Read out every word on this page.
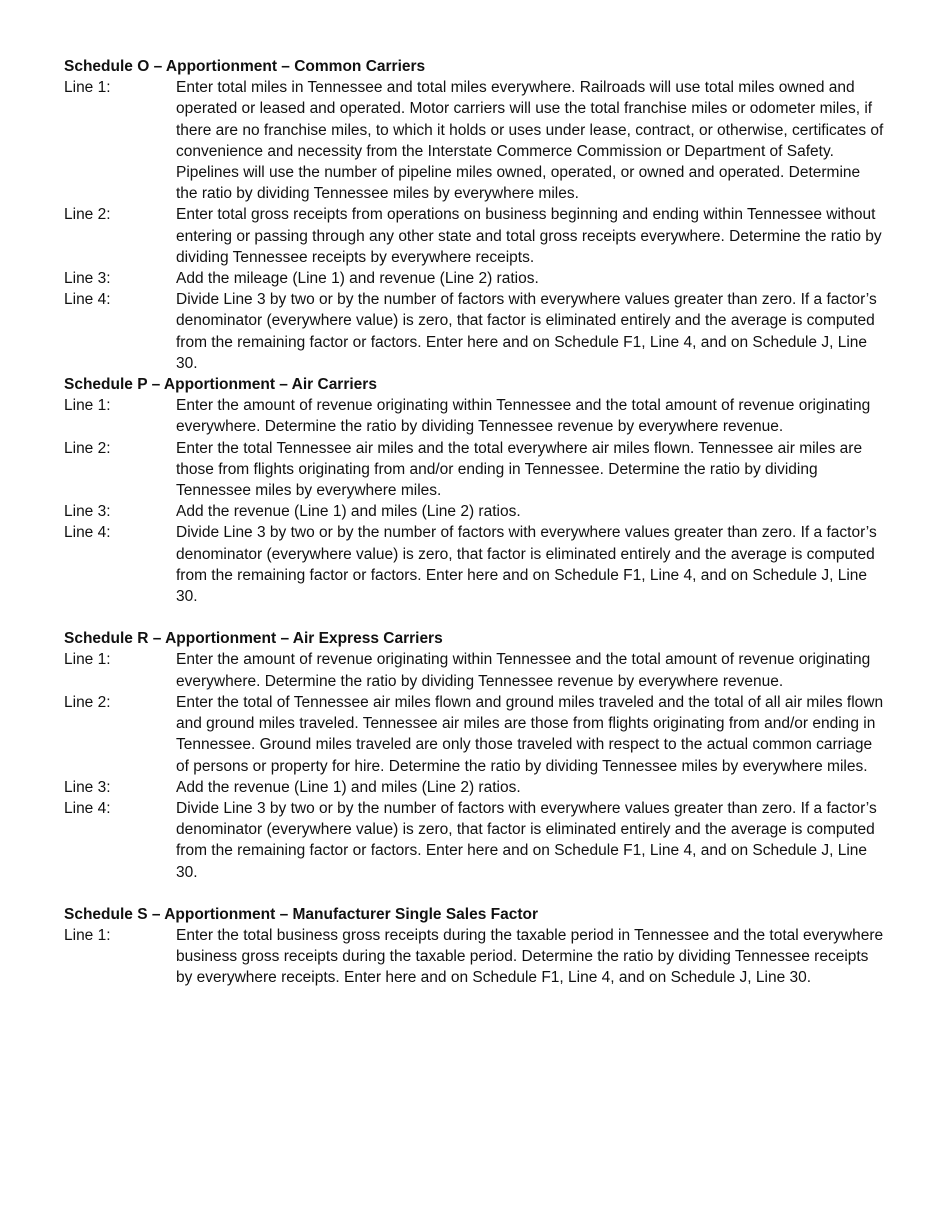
Schedule O – Apportionment – Common Carriers
Line 1:	Enter total miles in Tennessee and total miles everywhere. Railroads will use total miles owned and operated or leased and operated. Motor carriers will use the total franchise miles or odometer miles, if there are no franchise miles, to which it holds or uses under lease, contract, or otherwise, certificates of convenience and necessity from the Interstate Commerce Commission or Department of Safety. Pipelines will use the number of pipeline miles owned, operated, or owned and operated. Determine the ratio by dividing Tennessee miles by everywhere miles.
Line 2:	Enter total gross receipts from operations on business beginning and ending within Tennessee without entering or passing through any other state and total gross receipts everywhere. Determine the ratio by dividing Tennessee receipts by everywhere receipts.
Line 3:	Add the mileage (Line 1) and revenue (Line 2) ratios.
Line 4:	Divide Line 3 by two or by the number of factors with everywhere values greater than zero. If a factor’s denominator (everywhere value) is zero, that factor is eliminated entirely and the average is computed from the remaining factor or factors. Enter here and on Schedule F1, Line 4, and on Schedule J, Line 30.
Schedule P – Apportionment – Air Carriers
Line 1:	Enter the amount of revenue originating within Tennessee and the total amount of revenue originating everywhere. Determine the ratio by dividing Tennessee revenue by everywhere revenue.
Line 2:	Enter the total Tennessee air miles and the total everywhere air miles flown. Tennessee air miles are those from flights originating from and/or ending in Tennessee. Determine the ratio by dividing Tennessee miles by everywhere miles.
Line 3:	Add the revenue (Line 1) and miles (Line 2) ratios.
Line 4:	Divide Line 3 by two or by the number of factors with everywhere values greater than zero. If a factor’s denominator (everywhere value) is zero, that factor is eliminated entirely and the average is computed from the remaining factor or factors. Enter here and on Schedule F1, Line 4, and on Schedule J, Line 30.
Schedule R – Apportionment – Air Express Carriers
Line 1:	Enter the amount of revenue originating within Tennessee and the total amount of revenue originating everywhere. Determine the ratio by dividing Tennessee revenue by everywhere revenue.
Line 2:	Enter the total of Tennessee air miles flown and ground miles traveled and the total of all air miles flown and ground miles traveled. Tennessee air miles are those from flights originating from and/or ending in Tennessee. Ground miles traveled are only those traveled with respect to the actual common carriage of persons or property for hire. Determine the ratio by dividing Tennessee miles by everywhere miles.
Line 3:	Add the revenue (Line 1) and miles (Line 2) ratios.
Line 4:	Divide Line 3 by two or by the number of factors with everywhere values greater than zero. If a factor’s denominator (everywhere value) is zero, that factor is eliminated entirely and the average is computed from the remaining factor or factors. Enter here and on Schedule F1, Line 4, and on Schedule J, Line 30.
Schedule S – Apportionment – Manufacturer Single Sales Factor
Line 1:	Enter the total business gross receipts during the taxable period in Tennessee and the total everywhere business gross receipts during the taxable period. Determine the ratio by dividing Tennessee receipts by everywhere receipts. Enter here and on Schedule F1, Line 4, and on Schedule J, Line 30.
